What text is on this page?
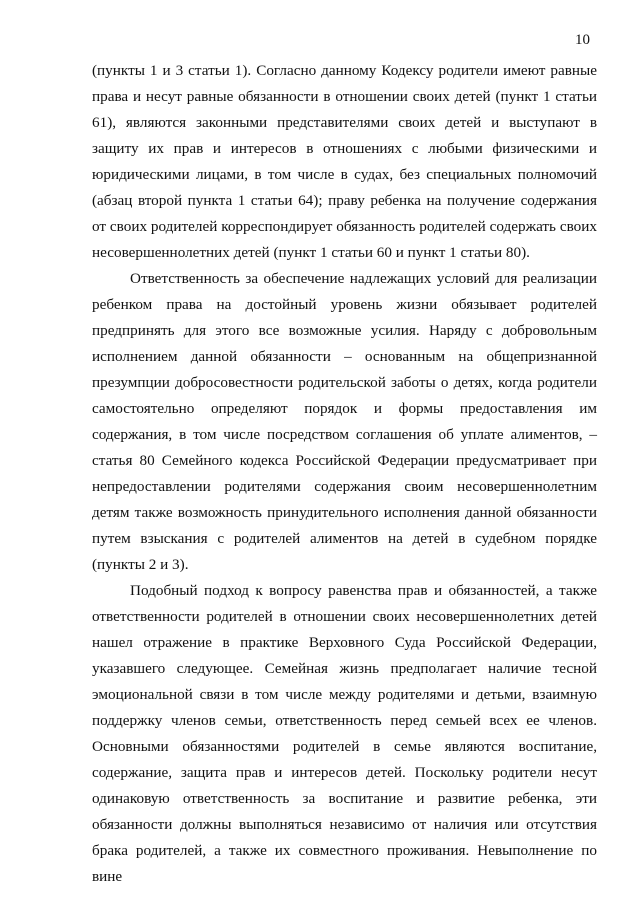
10

(пункты 1 и 3 статьи 1). Согласно данному Кодексу родители имеют равные права и несут равные обязанности в отношении своих детей (пункт 1 статьи 61), являются законными представителями своих детей и выступают в защиту их прав и интересов в отношениях с любыми физическими и юридическими лицами, в том числе в судах, без специальных полномочий (абзац второй пункта 1 статьи 64); праву ребенка на получение содержания от своих родителей корреспондирует обязанность родителей содержать своих несовершеннолетних детей (пункт 1 статьи 60 и пункт 1 статьи 80).

Ответственность за обеспечение надлежащих условий для реализации ребенком права на достойный уровень жизни обязывает родителей предпринять для этого все возможные усилия. Наряду с добровольным исполнением данной обязанности – основанным на общепризнанной презумпции добросовестности родительской заботы о детях, когда родители самостоятельно определяют порядок и формы предоставления им содержания, в том числе посредством соглашения об уплате алиментов, – статья 80 Семейного кодекса Российской Федерации предусматривает при непредоставлении родителями содержания своим несовершеннолетним детям также возможность принудительного исполнения данной обязанности путем взыскания с родителей алиментов на детей в судебном порядке (пункты 2 и 3).

Подобный подход к вопросу равенства прав и обязанностей, а также ответственности родителей в отношении своих несовершеннолетних детей нашел отражение в практике Верховного Суда Российской Федерации, указавшего следующее. Семейная жизнь предполагает наличие тесной эмоциональной связи в том числе между родителями и детьми, взаимную поддержку членов семьи, ответственность перед семьей всех ее членов. Основными обязанностями родителей в семье являются воспитание, содержание, защита прав и интересов детей. Поскольку родители несут одинаковую ответственность за воспитание и развитие ребенка, эти обязанности должны выполняться независимо от наличия или отсутствия брака родителей, а также их совместного проживания. Невыполнение по вине
